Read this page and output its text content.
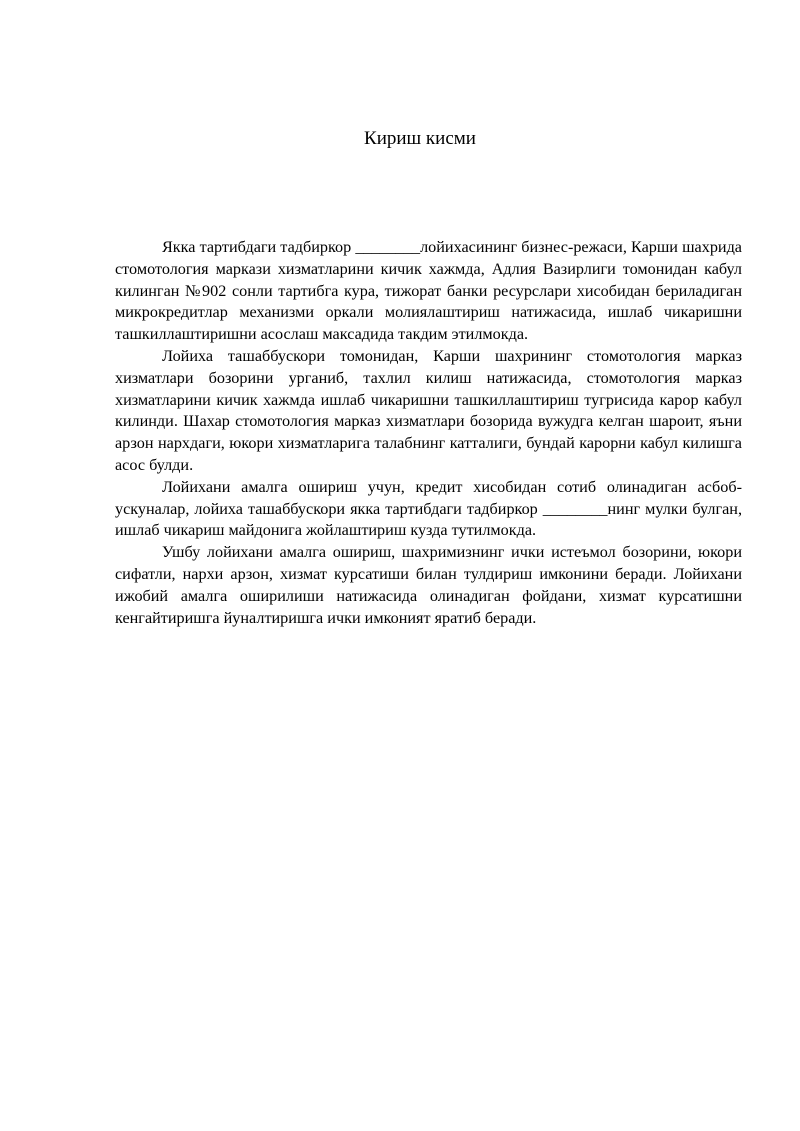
Кириш кисми

Якка тартибдаги тадбиркор ________лойихасининг бизнес-режаси, Карши шахрида стомотология маркази хизматларини кичик хажмда, Адлия Вазирлиги томонидан кабул килинган №902 сонли тартибга кура, тижорат банки ресурслари хисобидан бериладиган микрокредитлар механизми оркали молиялаштириш натижасида, ишлаб чикаришни ташкиллаштиришни асослаш максадида такдим этилмокда.

Лойиха ташаббускори томонидан, Карши шахрининг стомотология марказ хизматлари бозорини урганиб, тахлил килиш натижасида, стомотология марказ хизматларини кичик хажмда ишлаб чикаришни ташкиллаштириш тугрисида карор кабул килинди. Шахар стомотология марказ хизматлари бозорида вужудга келган шароит, яъни арзон нархдаги, юкори хизматларига талабнинг катталиги, бундай карорни кабул килишга асос булди.

Лойихани амалга ошириш учун, кредит хисобидан сотиб олинадиган асбоб-ускуналар, лойиха ташаббускори якка тартибдаги тадбиркор ________нинг мулки булган, ишлаб чикариш майдонига жойлаштириш кузда тутилмокда.

Ушбу лойихани амалга ошириш, шахримизнинг ички истеъмол бозорини, юкори сифатли, нархи арзон, хизмат курсатиши билан тулдириш имконини беради. Лойихани ижобий амалга оширилиши натижасида олинадиган фойдани, хизмат курсатишни кенгайтиришга йуналтиришга ички имконият яратиб беради.
